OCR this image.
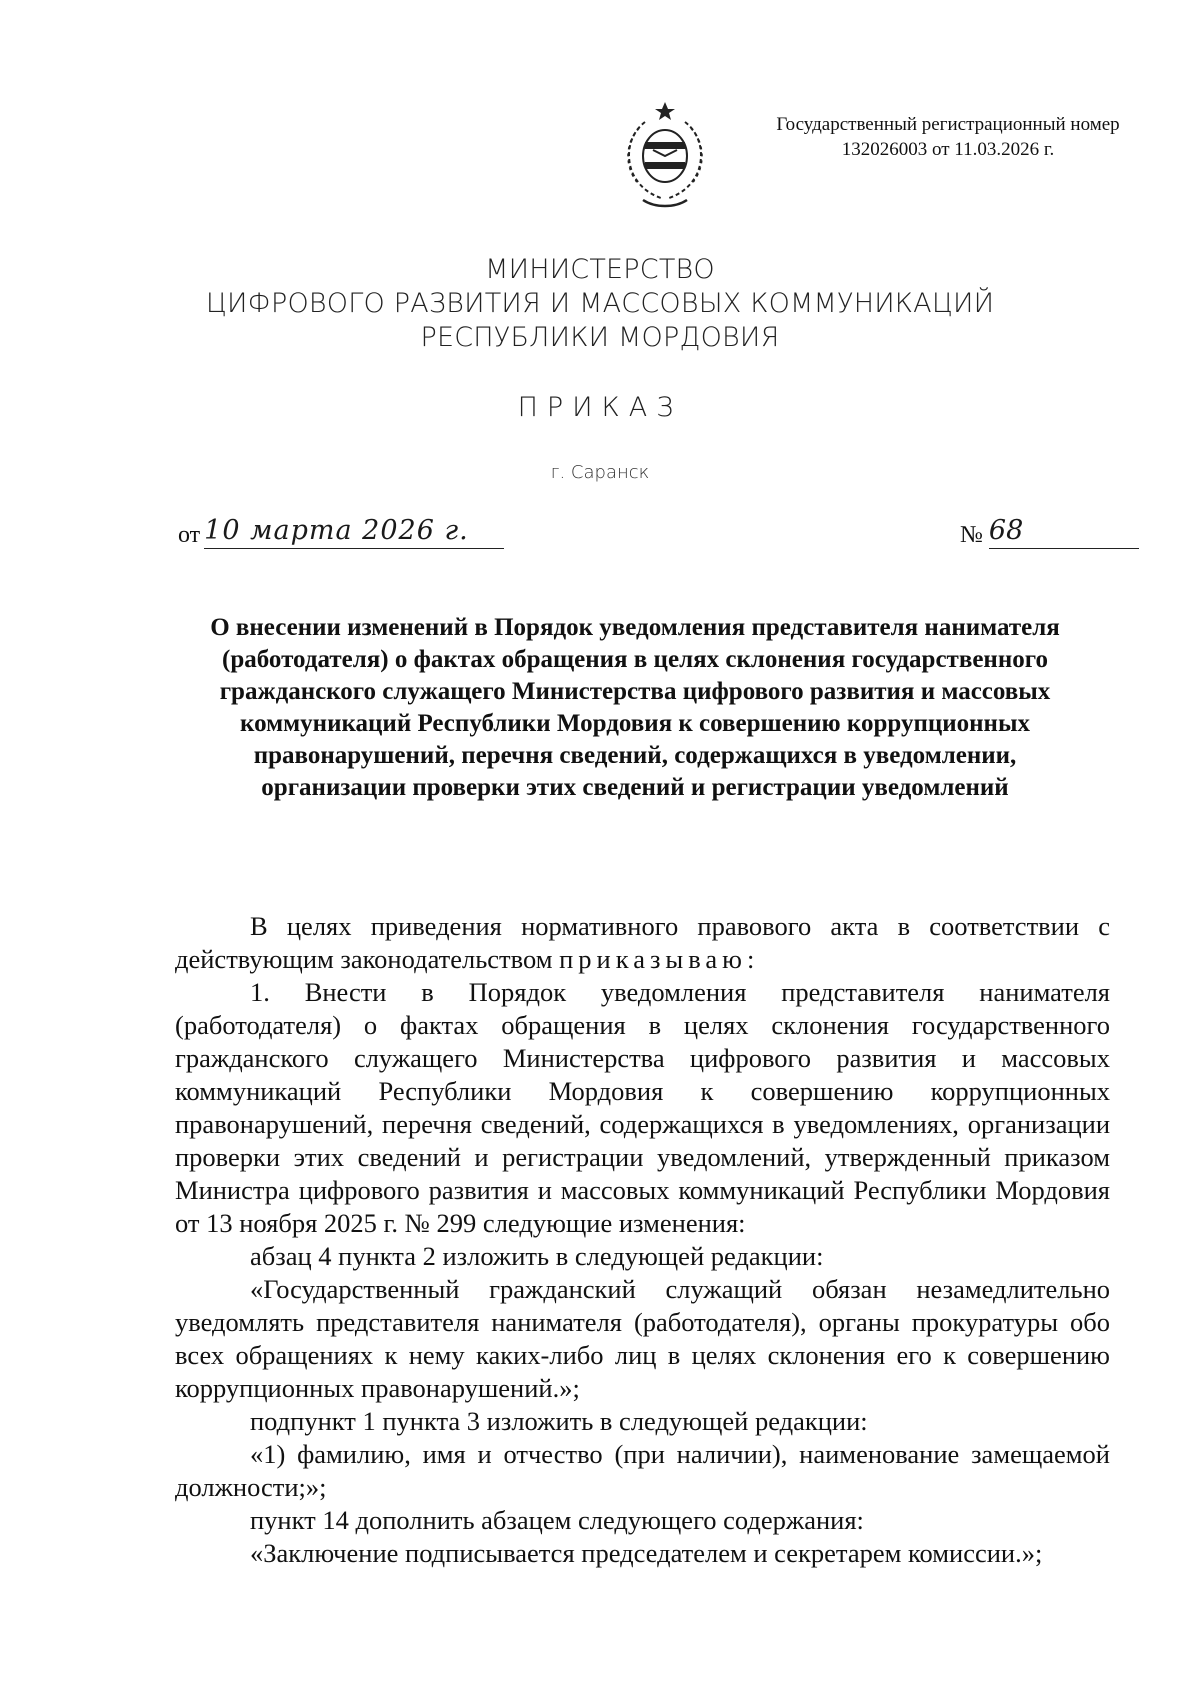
Государственный регистрационный номер
132026003 от 11.03.2026 г.
МИНИСТЕРСТВО
ЦИФРОВОГО РАЗВИТИЯ И МАССОВЫХ КОММУНИКАЦИЙ
РЕСПУБЛИКИ МОРДОВИЯ
ПРИКАЗ
г. Саранск
от 10 марта 2026 г.	№ 68
О внесении изменений в Порядок уведомления представителя нанимателя (работодателя) о фактах обращения в целях склонения государственного гражданского служащего Министерства цифрового развития и массовых коммуникаций Республики Мордовия к совершению коррупционных правонарушений, перечня сведений, содержащихся в уведомлении, организации проверки этих сведений и регистрации уведомлений

В целях приведения нормативного правового акта в соответствии с действующим законодательством приказываю:

1. Внести в Порядок уведомления представителя нанимателя (работодателя) о фактах обращения в целях склонения государственного гражданского служащего Министерства цифрового развития и массовых коммуникаций Республики Мордовия к совершению коррупционных правонарушений, перечня сведений, содержащихся в уведомлениях, организации проверки этих сведений и регистрации уведомлений, утвержденный приказом Министра цифрового развития и массовых коммуникаций Республики Мордовия от 13 ноября 2025 г. № 299 следующие изменения:

абзац 4 пункта 2 изложить в следующей редакции:

«Государственный гражданский служащий обязан незамедлительно уведомлять представителя нанимателя (работодателя), органы прокуратуры обо всех обращениях к нему каких-либо лиц в целях склонения его к совершению коррупционных правонарушений.»;

подпункт 1 пункта 3 изложить в следующей редакции:

«1) фамилию, имя и отчество (при наличии), наименование замещаемой должности;»;

пункт 14 дополнить абзацем следующего содержания:

«Заключение подписывается председателем и секретарем комиссии.»;
